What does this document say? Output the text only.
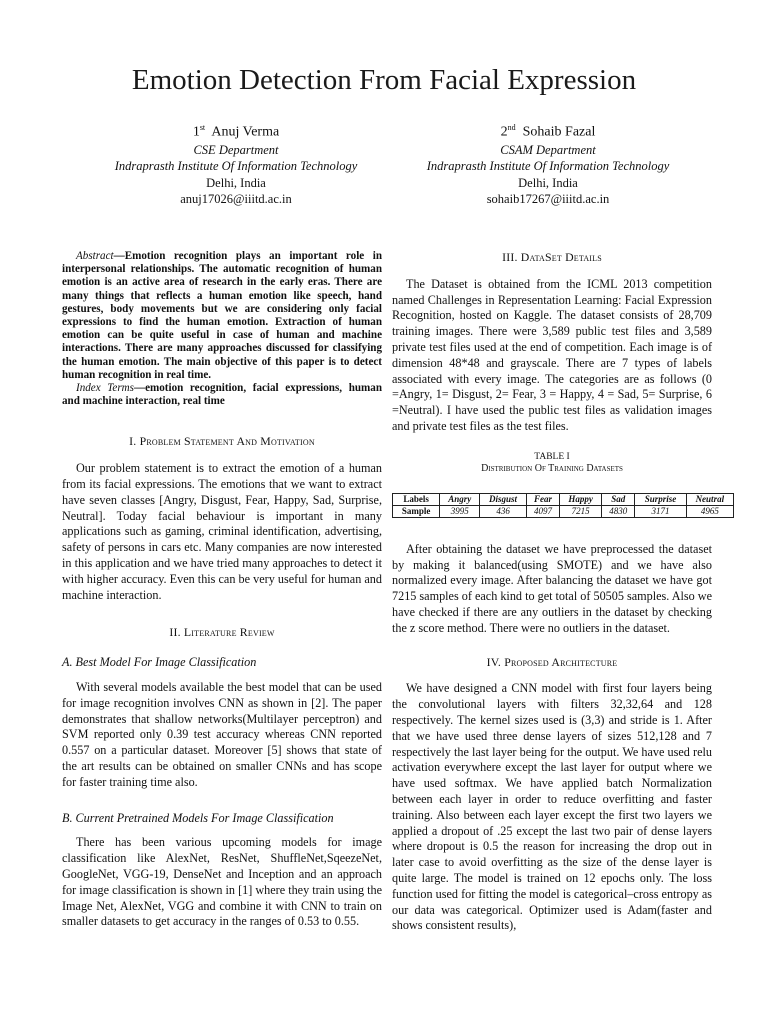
Emotion Detection From Facial Expression
1st Anuj Verma
CSE Department
Indraprasth Institute Of Information Technology
Delhi, India
anuj17026@iiitd.ac.in
2nd Sohaib Fazal
CSAM Department
Indraprasth Institute Of Information Technology
Delhi, India
sohaib17267@iiitd.ac.in

Abstract—Emotion recognition plays an important role in interpersonal relationships. The automatic recognition of human emotion is an active area of research in the early eras. There are many things that reflects a human emotion like speech, hand gestures, body movements but we are considering only facial expressions to find the human emotion. Extraction of human emotion can be quite useful in case of human and machine interactions. There are many approaches discussed for classifying the human emotion. The main objective of this paper is to detect human recognition in real time.

Index Terms—emotion recognition, facial expressions, human and machine interaction, real time

I. Problem Statement And Motivation

Our problem statement is to extract the emotion of a human from its facial expressions. The emotions that we want to extract have seven classes [Angry, Disgust, Fear, Happy, Sad, Surprise, Neutral]. Today facial behaviour is important in many applications such as gaming, criminal identification, advertising, safety of persons in cars etc. Many companies are now interested in this application and we have tried many approaches to detect it with higher accuracy. Even this can be very useful for human and machine interaction.

II. Literature Review
A. Best Model For Image Classification

With several models available the best model that can be used for image recognition involves CNN as shown in [2]. The paper demonstrates that shallow networks(Multilayer perceptron) and SVM reported only 0.39 test accuracy whereas CNN reported 0.557 on a particular dataset. Moreover [5] shows that state of the art results can be obtained on smaller CNNs and has scope for faster training time also.

B. Current Pretrained Models For Image Classification

There has been various upcoming models for image classification like AlexNet, ResNet, ShuffleNet,SqeezeNet, GoogleNet, VGG-19, DenseNet and Inception and an approach for image classification is shown in [1] where they train using the Image Net, AlexNet, VGG and combine it with CNN to train on smaller datasets to get accuracy in the ranges of 0.53 to 0.55.

III. DataSet Details

The Dataset is obtained from the ICML 2013 competition named Challenges in Representation Learning: Facial Expression Recognition, hosted on Kaggle. The dataset consists of 28,709 training images. There were 3,589 public test files and 3,589 private test files used at the end of competition. Each image is of dimension 48*48 and grayscale. There are 7 types of labels associated with every image. The categories are as follows (0 =Angry, 1= Disgust, 2= Fear, 3 = Happy, 4 = Sad, 5= Surprise, 6 =Neutral). I have used the public test files as validation images and private test files as the test files.

TABLE I
Distribution Of Training Datasets
Labels	Angry	Disgust	Fear	Happy	Sad	Surprise	Neutral
Sample	3995	436	4097	7215	4830	3171	4965

After obtaining the dataset we have preprocessed the dataset by making it balanced(using SMOTE) and we have also normalized every image. After balancing the dataset we have got 7215 samples of each kind to get total of 50505 samples. Also we have checked if there are any outliers in the dataset by checking the z score method. There were no outliers in the dataset.

IV. Proposed Architecture

We have designed a CNN model with first four layers being the convolutional layers with filters 32,32,64 and 128 respectively. The kernel sizes used is (3,3) and stride is 1. After that we have used three dense layers of sizes 512,128 and 7 respectively the last layer being for the output. We have used relu activation everywhere except the last layer for output where we have used softmax. We have applied batch Normalization between each layer in order to reduce overfitting and faster training. Also between each layer except the first two layers we applied a dropout of .25 except the last two pair of dense layers where dropout is 0.5 the reason for increasing the drop out in later case to avoid overfitting as the size of the dense layer is quite large. The model is trained on 12 epochs only. The loss function used for fitting the model is categorical–cross entropy as our data was categorical. Optimizer used is Adam(faster and shows consistent results),
